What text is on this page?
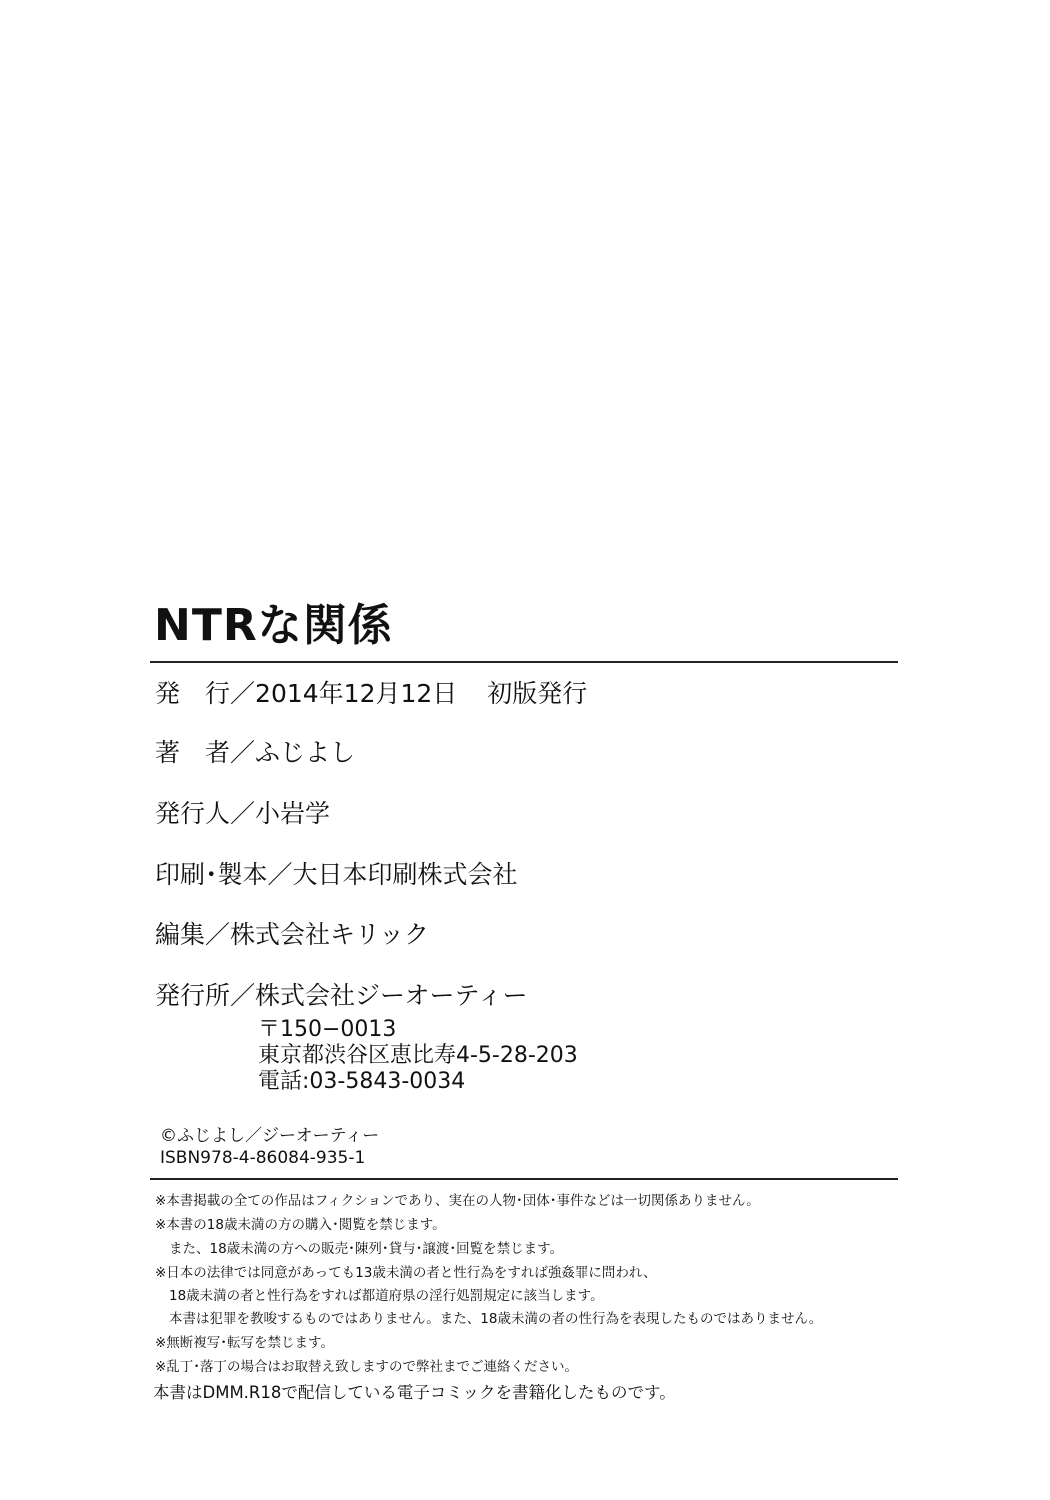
NTRな関係
発 行／2014年12月12日 初版発行
著 者／ふじよし
発行人／小岩学
印刷･製本／大日本印刷株式会社
編集／株式会社キリック
発行所／株式会社ジーオーティー
〒150−0013
東京都渋谷区恵比寿4-5-28-203
電話:03-5843-0034
©ふじよし／ジーオーティー
ISBN978-4-86084-935-1
※本書掲載の全ての作品はフィクションであり、実在の人物･団体･事件などは一切関係ありません。
※本書の18歳未満の方の購入･閲覧を禁じます。
また、18歳未満の方への販売･陳列･貸与･譲渡･回覧を禁じます。
※日本の法律では同意があっても13歳未満の者と性行為をすれば強姦罪に問われ、
18歳未満の者と性行為をすれば都道府県の淫行処罰規定に該当します。
本書は犯罪を教唆するものではありません。また、18歳未満の者の性行為を表現したものではありません。
※無断複写･転写を禁じます。
※乱丁･落丁の場合はお取替え致しますので弊社までご連絡ください。
本書はDMM.R18で配信している電子コミックを書籍化したものです。
